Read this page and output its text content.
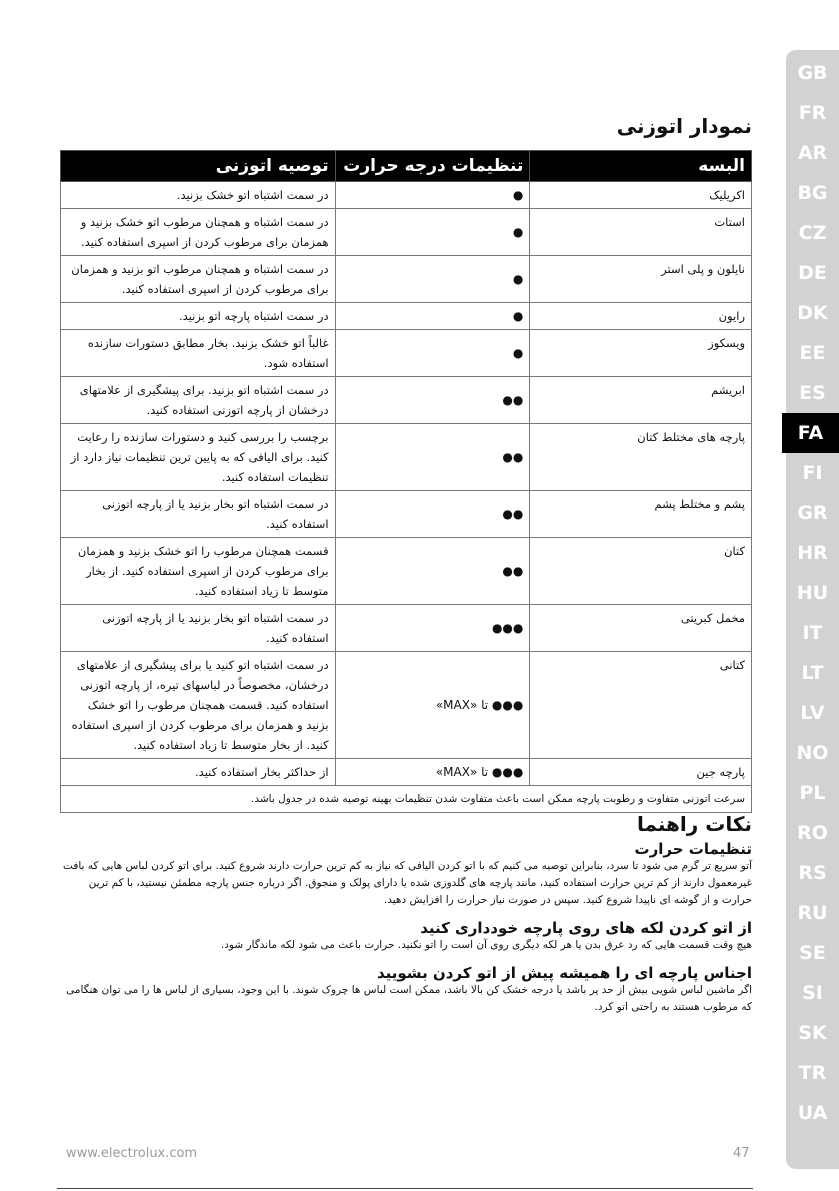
GB
FR
AR
BG
CZ
DE
DK
EE
ES
FA
FI
GR
HR
HU
IT
LT
LV
NO
PL
RO
RS
RU
SE
SI
SK
TR
UA
نمودار اتوزنی
البسه	تنظیمات درجه حرارت	توصیه اتوزنی
اکریلیک	●	در سمت اشتباه اتو خشک بزنید.
استات	●	در سمت اشتباه و همچنان مرطوب اتو خشک بزنید و همزمان برای مرطوب کردن از اسپری استفاده کنید.
نایلون و پلی استر	●	در سمت اشتباه و همچنان مرطوب اتو بزنید و همزمان برای مرطوب کردن از اسپری استفاده کنید.
رایون	●	در سمت اشتباه پارچه اتو بزنید.
ویسکوز	●	غالباً اتو خشک بزنید. بخار مطابق دستورات سازنده استفاده شود.
ابریشم	●●	در سمت اشتباه اتو بزنید. برای پیشگیری از علامتهای درخشان از پارچه اتوزنی استفاده کنید.
پارچه های مختلط کتان	●●	برچسب را بررسی کنید و دستورات سازنده را رعایت کنید. برای الیافی که به پایین ترین تنظیمات نیاز دارد از تنظیمات استفاده کنید.
پشم و مختلط پشم	●●	در سمت اشتباه اتو بخار بزنید یا از پارچه اتوزنی استفاده کنید.
کتان	●●	قسمت همچنان مرطوب را اتو خشک بزنید و همزمان برای مرطوب کردن از اسپری استفاده کنید. از بخار متوسط تا زیاد استفاده کنید.
مخمل کبریتی	●●●	در سمت اشتباه اتو بخار بزنید یا از پارچه اتوزنی استفاده کنید.
کتانی	●●● تا «MAX»	در سمت اشتباه اتو کنید یا برای پیشگیری از علامتهای درخشان، مخصوصاً در لباسهای تیره، از پارچه اتوزنی استفاده کنید. قسمت همچنان مرطوب را اتو خشک بزنید و همزمان برای مرطوب کردن از اسپری استفاده کنید. از بخار متوسط تا زیاد استفاده کنید.
پارچه جین	●●● تا «MAX»	از حداکثر بخار استفاده کنید.
سرعت اتوزنی متفاوت و رطوبت پارچه ممکن است باعث متفاوت شدن تنظیمات بهینه توصیه شده در جدول باشد.		
نکات راهنما
تنظیمات حرارت

آتو سریع تر گرم می شود تا سرد، بنابراین توصیه می کنیم که با اتو کردن الیافی که نیاز به کم ترین حرارت دارند شروع کنید. برای اتو کردن لباس هایی که بافت غیرمعمول دارند از کم ترین حرارت استفاده کنید، مانند پارچه های گلدوزی شده یا دارای پولک و منجوق. اگر درباره جنس پارچه مطمئن نیستید، با کم ترین حرارت و از گوشه ای ناپیدا شروع کنید. سپس در صورت نیاز حرارت را افزایش دهید.

از اتو کردن لکه های روی پارچه خودداری کنید

هیچ وقت قسمت هایی که رد عرق بدن یا هر لکه دیگری روی آن است را اتو نکنید. حرارت باعث می شود لکه ماندگار شود.

اجناس پارچه ای را همیشه پیش از اتو کردن بشویید

اگر ماشین لباس شویی بیش از حد پر باشد یا درجه خشک کن بالا باشد، ممکن است لباس ها چروک شوند. با این وجود، بسیاری از لباس ها را می توان هنگامی که مرطوب هستند به راحتی اتو کرد.

www.electrolux.com	47
